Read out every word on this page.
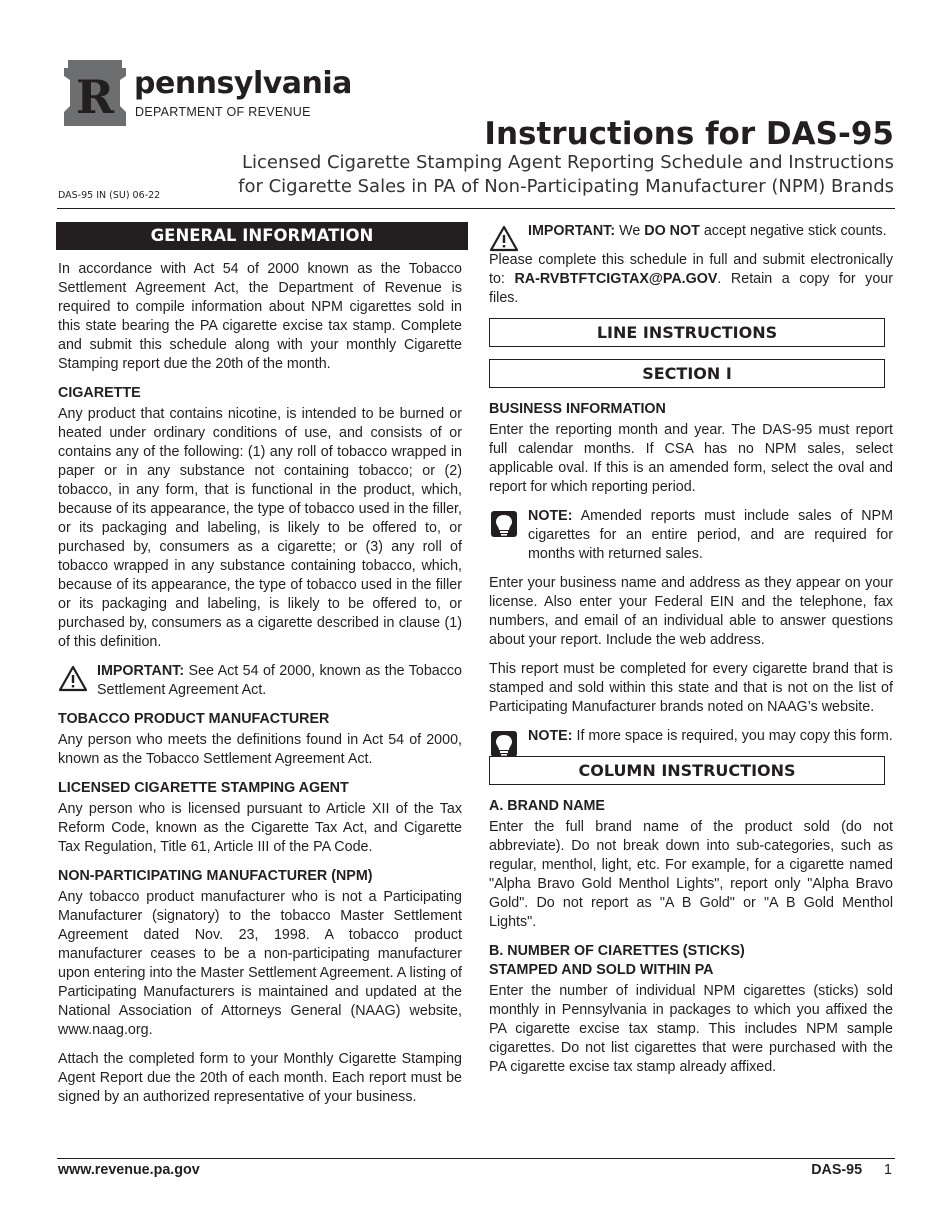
R pennsylvania
DEPARTMENT OF REVENUE
Instructions for DAS-95
Licensed Cigarette Stamping Agent Reporting Schedule and Instructions
for Cigarette Sales in PA of Non-Participating Manufacturer (NPM) Brands
DAS-95 IN (SU) 06-22
GENERAL INFORMATION

In accordance with Act 54 of 2000 known as the Tobacco Settlement Agreement Act, the Department of Revenue is required to compile information about NPM cigarettes sold in this state bearing the PA cigarette excise tax stamp. Complete and submit this schedule along with your monthly Cigarette Stamping report due the 20th of the month.

CIGARETTE

Any product that contains nicotine, is intended to be burned or heated under ordinary conditions of use, and consists of or contains any of the following: (1) any roll of tobacco wrapped in paper or in any substance not containing tobacco; or (2) tobacco, in any form, that is functional in the product, which, because of its appearance, the type of tobacco used in the filler, or its packaging and labeling, is likely to be offered to, or purchased by, consumers as a cigarette; or (3) any roll of tobacco wrapped in any substance containing tobacco, which, because of its appearance, the type of tobacco used in the filler or its packaging and labeling, is likely to be offered to, or purchased by, consumers as a cigarette described in clause (1) of this definition.

IMPORTANT: See Act 54 of 2000, known as the Tobacco Settlement Agreement Act.
TOBACCO PRODUCT MANUFACTURER

Any person who meets the definitions found in Act 54 of 2000, known as the Tobacco Settlement Agreement Act.

LICENSED CIGARETTE STAMPING AGENT

Any person who is licensed pursuant to Article XII of the Tax Reform Code, known as the Cigarette Tax Act, and Cigarette Tax Regulation, Title 61, Article III of the PA Code.

NON-PARTICIPATING MANUFACTURER (NPM)

Any tobacco product manufacturer who is not a Participating Manufacturer (signatory) to the tobacco Master Settlement Agreement dated Nov. 23, 1998. A tobacco product manufacturer ceases to be a non-participating manufacturer upon entering into the Master Settlement Agreement. A listing of Participating Manufacturers is maintained and updated at the National Association of Attorneys General (NAAG) website, www.naag.org.

Attach the completed form to your Monthly Cigarette Stamping Agent Report due the 20th of each month. Each report must be signed by an authorized representative of your business.

IMPORTANT: We DO NOT accept negative stick counts.

Please complete this schedule in full and submit electronically to: RA-RVBTFTCIGTAX@PA.GOV. Retain a copy for your files.

LINE INSTRUCTIONS
SECTION I
BUSINESS INFORMATION

Enter the reporting month and year. The DAS-95 must report full calendar months. If CSA has no NPM sales, select applicable oval. If this is an amended form, select the oval and report for which reporting period.

NOTE: Amended reports must include sales of NPM cigarettes for an entire period, and are required for months with returned sales.

Enter your business name and address as they appear on your license. Also enter your Federal EIN and the telephone, fax numbers, and email of an individual able to answer questions about your report. Include the web address.

This report must be completed for every cigarette brand that is stamped and sold within this state and that is not on the list of Participating Manufacturer brands noted on NAAG’s website.

NOTE: If more space is required, you may copy this form.
COLUMN INSTRUCTIONS
A. BRAND NAME

Enter the full brand name of the product sold (do not abbreviate). Do not break down into sub-categories, such as regular, menthol, light, etc. For example, for a cigarette named "Alpha Bravo Gold Menthol Lights", report only "Alpha Bravo Gold". Do not report as "A B Gold" or "A B Gold Menthol Lights".

B. NUMBER OF CIARETTES (STICKS)
STAMPED AND SOLD WITHIN PA

Enter the number of individual NPM cigarettes (sticks) sold monthly in Pennsylvania in packages to which you affixed the PA cigarette excise tax stamp. This includes NPM sample cigarettes. Do not list cigarettes that were purchased with the PA cigarette excise tax stamp already affixed.

www.revenue.pa.gov	DAS-95 1
